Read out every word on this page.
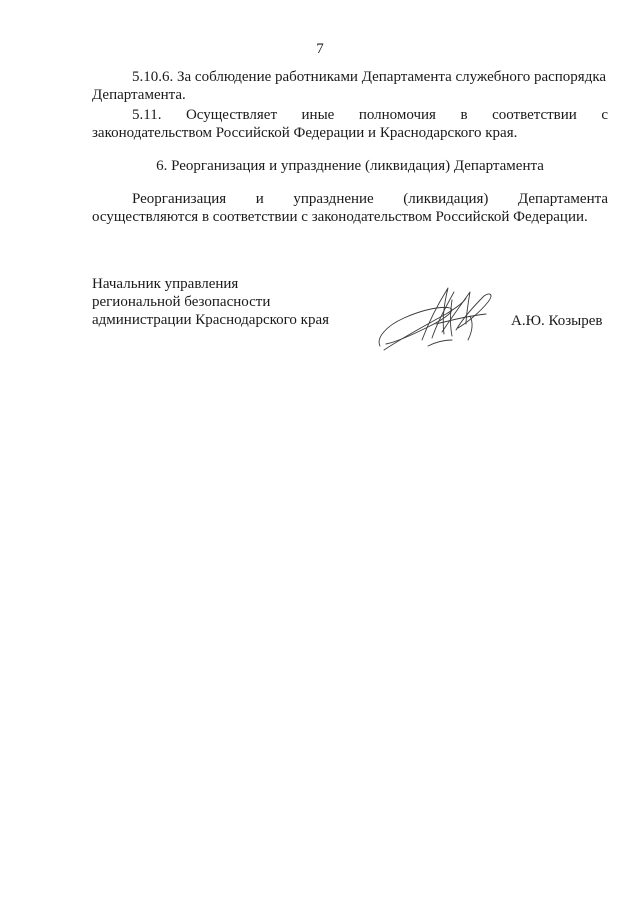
7
5.10.6. За соблюдение работниками Департамента служебного распорядка
Департамента.
5.11. Осуществляет иные полномочия в соответствии с
законодательством Российской Федерации и Краснодарского края.
6. Реорганизация и упразднение (ликвидация) Департамента
Реорганизация и упразднение (ликвидация) Департамента
осуществляются в соответствии с законодательством Российской Федерации.
Начальник управления
региональной безопасности
администрации Краснодарского края	А.Ю. Козырев
